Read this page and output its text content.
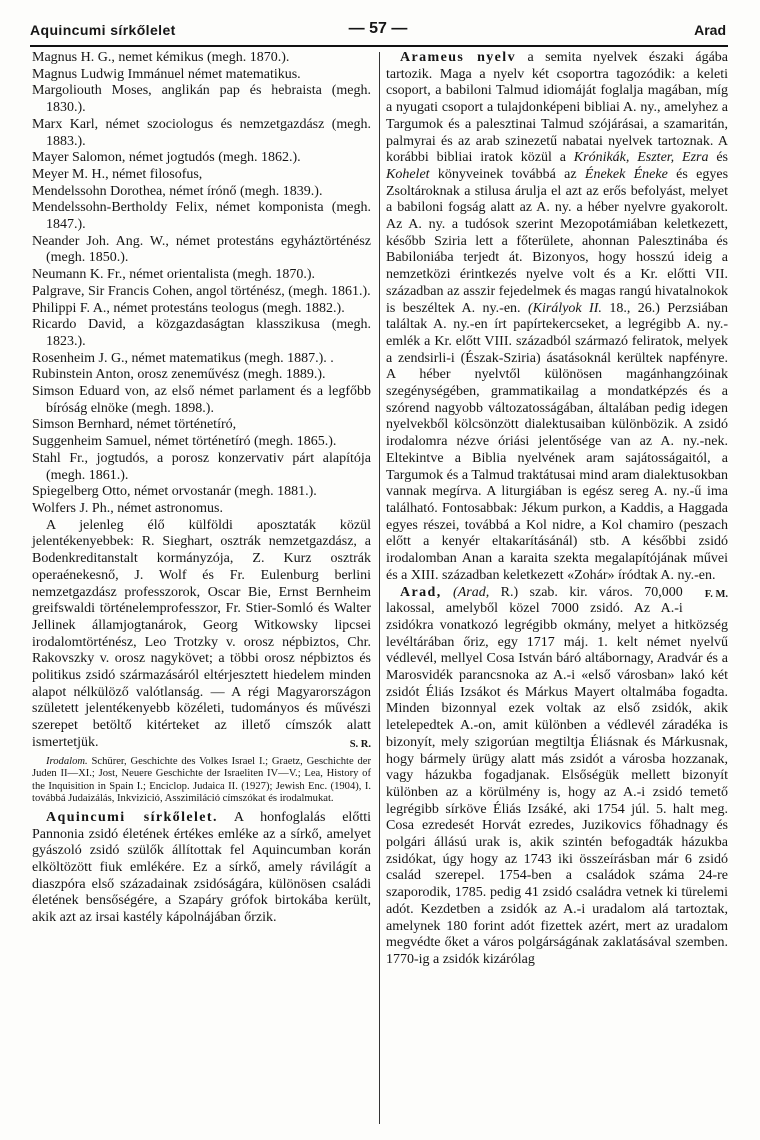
Aquincumi sírkőlelet	— 57 —	Arad

Magnus H. G., nemet kémikus (megh. 1870.).

Magnus Ludwig Immánuel német matematikus.

Margoliouth Moses, anglikán pap és hebraista (megh. 1830.).

Marx Karl, német szociologus és nemzetgazdász (megh. 1883.).

Mayer Salomon, német jogtudós (megh. 1862.).

Meyer M. H., német filosofus,

Mendelssohn Dorothea, német írónő (megh. 1839.).

Mendelssohn-Bertholdy Felix, német komponista (megh. 1847.).

Neander Joh. Ang. W., német protestáns egyháztörténész (megh. 1850.).

Neumann K. Fr., német orientalista (megh. 1870.).

Palgrave, Sir Francis Cohen, angol történész, (megh. 1861.).

Philippi F. A., német protestáns teologus (megh. 1882.).

Ricardo David, a közgazdaságtan klasszikusa (megh. 1823.).

Rosenheim J. G., német matematikus (megh. 1887.). .

Rubinstein Anton, orosz zeneművész (megh. 1889.).

Simson Eduard von, az első német parlament és a legfőbb bíróság elnöke (megh. 1898.).

Simson Bernhard, német történetíró,

Suggenheim Samuel, német történetíró (megh. 1865.).

Stahl Fr., jogtudós, a porosz konzervativ párt alapítója (megh. 1861.).

Spiegelberg Otto, német orvostanár (megh. 1881.).

Wolfers J. Ph., német astronomus.

A jelenleg élő külföldi aposztaták közül jelentékenyebbek: R. Sieghart, osztrák nemzetgazdász, a Bodenkreditanstalt kormányzója, Z. Kurz osztrák operaénekesnő, J. Wolf és Fr. Eulenburg berlini nemzetgazdász professzorok, Oscar Bie, Ernst Bernheim greifswaldi történelemprofesszor, Fr. Stier-Somló és Walter Jellinek államjogtanárok, Georg Witkowsky lipcsei irodalomtörténész, Leo Trotzky v. orosz népbiztos, Chr. Rakovszky v. orosz nagykövet; a többi orosz népbiztos és politikus zsidó származásáról eltérjesztett hiedelem minden alapot nélkülöző valótlanság. — A régi Magyarországon született jelentékenyebb közéleti, tudományos és művészi szerepet betöltő kitérteket az illető címszók alatt ismertetjük.	S. R.

Irodalom. Schürer, Geschichte des Volkes Israel I.; Graetz, Geschichte der Juden II—XI.; Jost, Neuere Geschichte der Israeliten IV—V.; Lea, History of the Inquisition in Spain I.; Enciclop. Judaica II. (1927); Jewish Enc. (1904), I. továbbá Judaizálás, Inkvizició, Asszimiláció címszókat és irodalmukat.

Aquincumi sírkőlelet. A honfoglalás előtti Pannonia zsidó életének értékes emléke az a sírkő, amelyet gyászoló zsidó szülők állítottak fel Aquincumban korán elköltözött fiuk emlékére. Ez a sírkő, amely rávilágít a diaszpóra első századainak zsidóságára, különösen családi életének bensőségére, a Szapáry grófok birtokába került, akik azt az irsai kastély kápolnájában őrzik.

Arameus nyelv a semita nyelvek északi ágába tartozik. Maga a nyelv két csoportra tagozódik: a keleti csoport, a babiloni Talmud idiomáját foglalja magában, míg a nyugati csoport a tulajdonképeni bibliai A. ny., amelyhez a Targumok és a palesztinai Talmud szójárásai, a szamaritán, palmyrai és az arab szinezetű nabatai nyelvek tartoznak. A korábbi bibliai iratok közül a Krónikák, Eszter, Ezra és Kohelet könyveinek továbbá az Énekek Éneke és egyes Zsoltároknak a stilusa árulja el azt az erős befolyást, melyet a babiloni fogság alatt az A. ny. a héber nyelvre gyakorolt. Az A. ny. a tudósok szerint Mezopotámiában keletkezett, később Sziria lett a főterülete, ahonnan Palesztinába és Babiloniába terjedt át. Bizonyos, hogy hosszú ideig a nemzetközi érintkezés nyelve volt és a Kr. előtti VII. században az asszir fejedelmek és magas rangú hivatalnokok is beszéltek A. ny.-en. (Királyok II. 18., 26.) Perzsiában találtak A. ny.-en írt papírtekercseket, a legrégibb A. ny.-emlék a Kr. előtt VIII. századból származó feliratok, melyek a zendsirli-i (Észak-Sziria) ásatásoknál kerültek napfényre. A héber nyelvtől különösen magánhangzóinak szegénységében, grammatikailag a mondatképzés és a szórend nagyobb változatosságában, általában pedig idegen nyelvekből kölcsönzött dialektusaiban különbözik. A zsidó irodalomra nézve óriási jelentősége van az A. ny.-nek. Eltekintve a Biblia nyelvének aram sajátosságaitól, a Targumok és a Talmud traktátusai mind aram dialektusokban vannak megírva. A liturgiában is egész sereg A. ny.-ű ima található. Fontosabbak: Jékum purkon, a Kaddis, a Haggada egyes részei, továbbá a Kol nidre, a Kol chamiro (peszach előtt a kenyér eltakarításánál) stb. A későbbi zsidó irodalomban Anan a karaita szekta megalapítójának művei és a XIII. században keletkezett «Zohár» íródtak A. ny.-en.
F. M.

Arad, (Arad, R.) szab. kir. város. 70,000 lakossal, amelyből közel 7000 zsidó. Az A.-i zsidókra vonatkozó legrégibb okmány, melyet a hitközség levéltárában őriz, egy 1717 máj. 1. kelt német nyelvű védlevél, mellyel Cosa István báró altábornagy, Aradvár és a Marosvidék parancsnoka az A.-i «első városban» lakó két zsidót Éliás Izsákot és Márkus Mayert oltalmába fogadta. Minden bizonnyal ezek voltak az első zsidók, akik letelepedtek A.-on, amit különben a védlevél záradéka is bizonyít, mely szigorúan megtiltja Éliásnak és Márkusnak, hogy bármely ürügy alatt más zsidót a városba hozzanak, vagy házukba fogadjanak. Elsőségük mellett bizonyít különben az a körülmény is, hogy az A.-i zsidó temető legrégibb sírköve Éliás Izsáké, aki 1754 júl. 5. halt meg. Cosa ezredesét Horvát ezredes, Juzikovics főhadnagy és polgári állású urak is, akik szintén befogadták házukba zsidókat, úgy hogy az 1743 iki összeírásban már 6 zsidó család szerepel. 1754-ben a családok száma 24-re szaporodik, 1785. pedig 41 zsidó családra vetnek ki türelemi adót. Kezdetben a zsidók az A.-i uradalom alá tartoztak, amelynek 180 forint adót fizettek azért, mert az uradalom megvédte őket a város polgárságának zaklatásával szemben. 1770-ig a zsidók kizárólag
